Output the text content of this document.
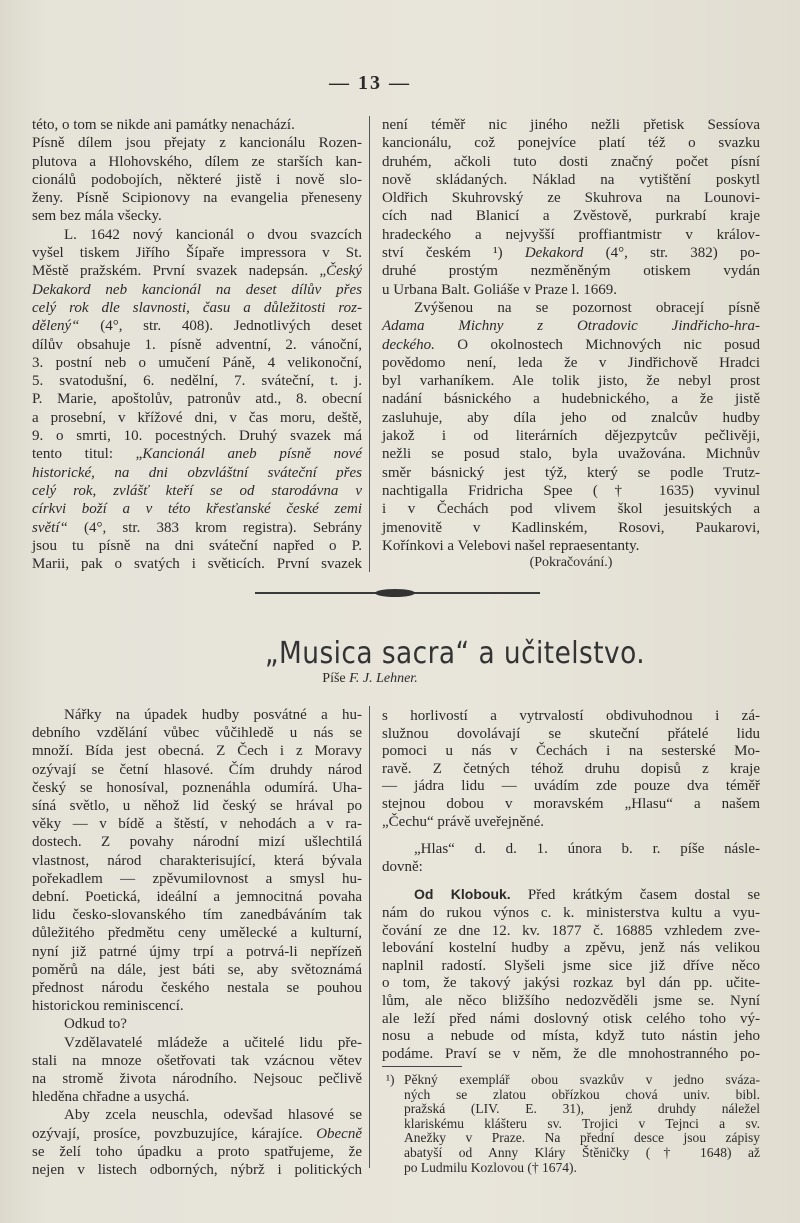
— 13 —
této, o tom se nikde ani památky nenachází.
Písně dílem jsou přejaty z kancionálu Rozen-
plutova a Hlohovského, dílem ze starších kan-
cionálů podobojích, některé jistě i nově slo-
ženy. Písně Scipionovy na evangelia přeneseny
sem bez mála všecky.
L. 1642 nový kancionál o dvou svazcích
vyšel tiskem Jiřího Šípaře impressora v St.
Městě pražském. První svazek nadepsán. „Český
Dekakord neb kancionál na deset dílův přes
celý rok dle slavnosti, času a důležitosti roz-
dělený“ (4°, str. 408). Jednotlivých deset
dílův obsahuje 1. písně adventní, 2. vánoční,
3. postní neb o umučení Páně, 4 velikonoční,
5. svatodušní, 6. nedělní, 7. sváteční, t. j.
P. Marie, apoštolův, patronův atd., 8. obecní
a prosební, v křížové dni, v čas moru, deště,
9. o smrti, 10. pocestných. Druhý svazek má
tento titul: „Kancionál aneb písně nové
historické, na dni obzvláštní sváteční přes
celý rok, zvlášť kteří se od starodávna v
církvi boží a v této křesťanské české zemi
světí“ (4°, str. 383 krom registra). Sebrány
jsou tu písně na dni sváteční napřed o P.
Marii, pak o svatých i světicích. První svazek
není téměř nic jiného nežli přetisk Sessíova
kancionálu, což ponejvíce platí též o svazku
druhém, ačkoli tuto dosti značný počet písní
nově skládaných. Náklad na vytištění poskytl
Oldřich Skuhrovský ze Skuhrova na Lounovi-
cích nad Blanicí a Zvěstově, purkrabí kraje
hradeckého a nejvyšší proffiantmistr v králov-
ství českém ¹) Dekakord (4°, str. 382) po-
druhé prostým nezměněným otiskem vydán
u Urbana Balt. Goliáše v Praze l. 1669.
Zvýšenou na se pozornost obracejí písně
Adama Michny z Otradovic Jindřicho-hra-
deckého. O okolnostech Michnových nic posud
povědomo není, leda že v Jindřichově Hradci
byl varhaníkem. Ale tolik jisto, že nebyl prost
nadání básnického a hudebnického, a že jistě
zasluhuje, aby díla jeho od znalcův hudby
jakož i od literárních dějezpytcův pečlivěji,
nežli se posud stalo, byla uvažována. Michnův
směr básnický jest týž, který se podle Trutz-
nachtigalla Fridricha Spee († 1635) vyvinul
i v Čechách pod vlivem škol jesuitských a
jmenovitě v Kadlinském, Rosovi, Paukarovi,
Kořínkovi a Velebovi našel repraesentanty.
(Pokračování.)
„Musica sacra“ a učitelstvo.
Píše F. J. Lehner.
Nářky na úpadek hudby posvátné a hu-
debního vzdělání vůbec vůčihledě u nás se
množí. Bída jest obecná. Z Čech i z Moravy
ozývají se četní hlasové. Čím druhdy národ
český se honosíval, poznenáhla odumírá. Uha-
síná světlo, u něhož lid český se hrával po
věky — v bídě a štěstí, v nehodách a v ra-
dostech. Z povahy národní mizí ušlechtilá
vlastnost, národ charakterisující, která bývala
pořekadlem — zpěvumilovnost a smysl hu-
dební. Poetická, ideální a jemnocitná povaha
lidu česko-slovanského tím zanedbáváním tak
důležitého předmětu ceny umělecké a kulturní,
nyní již patrné újmy trpí a potrvá-li nepřízeň
poměrů na dále, jest báti se, aby světoznámá
přednost národu českého nestala se pouhou
historickou reminiscencí.
Odkud to?
Vzdělavatelé mládeže a učitelé lidu pře-
stali na mnoze ošetřovati tak vzácnou větev
na stromě života národního. Nejsouc pečlivě
hleděna chřadne a usychá.
Aby zcela neuschla, odevšad hlasové se
ozývají, prosíce, povzbuzujíce, kárajíce. Obecně
se želí toho úpadku a proto spatřujeme, že
nejen v listech odborných, nýbrž i politických
s horlivostí a vytrvalostí obdivuhodnou i zá-
služnou dovolávají se skuteční přátelé lidu
pomoci u nás v Čechách i na sesterské Mo-
ravě. Z četných téhož druhu dopisů z kraje
— jádra lidu — uvádím zde pouze dva téměř
stejnou dobou v moravském „Hlasu“ a našem
„Čechu“ právě uveřejněné.
„Hlas“ d. d. 1. února b. r. píše násle-
dovně:
Od Klobouk. Před krátkým časem dostal se
nám do rukou výnos c. k. ministerstva kultu a vyu-
čování ze dne 12. kv. 1877 č. 16885 vzhledem zve-
lebování kostelní hudby a zpěvu, jenž nás velikou
naplnil radostí. Slyšeli jsme sice již dříve něco
o tom, že takový jakýsi rozkaz byl dán pp. učite-
lům, ale něco bližšího nedozvěděli jsme se. Nyní
ale leží před námi doslovný otisk celého toho vý-
nosu a nebude od místa, když tuto nástin jeho
podáme. Praví se v něm, že dle mnohostranného po-
¹) Pěkný exemplář obou svazkův v jedno sváza-
ných se zlatou obřízkou chová univ. bibl.
pražská (LIV. E. 31), jenž druhdy náležel
klariskému klášteru sv. Trojici v Tejnci a sv.
Anežky v Praze. Na přední desce jsou zápisy
abatyší od Anny Kláry Štěničky († 1648) až
po Ludmilu Kozlovou († 1674).
